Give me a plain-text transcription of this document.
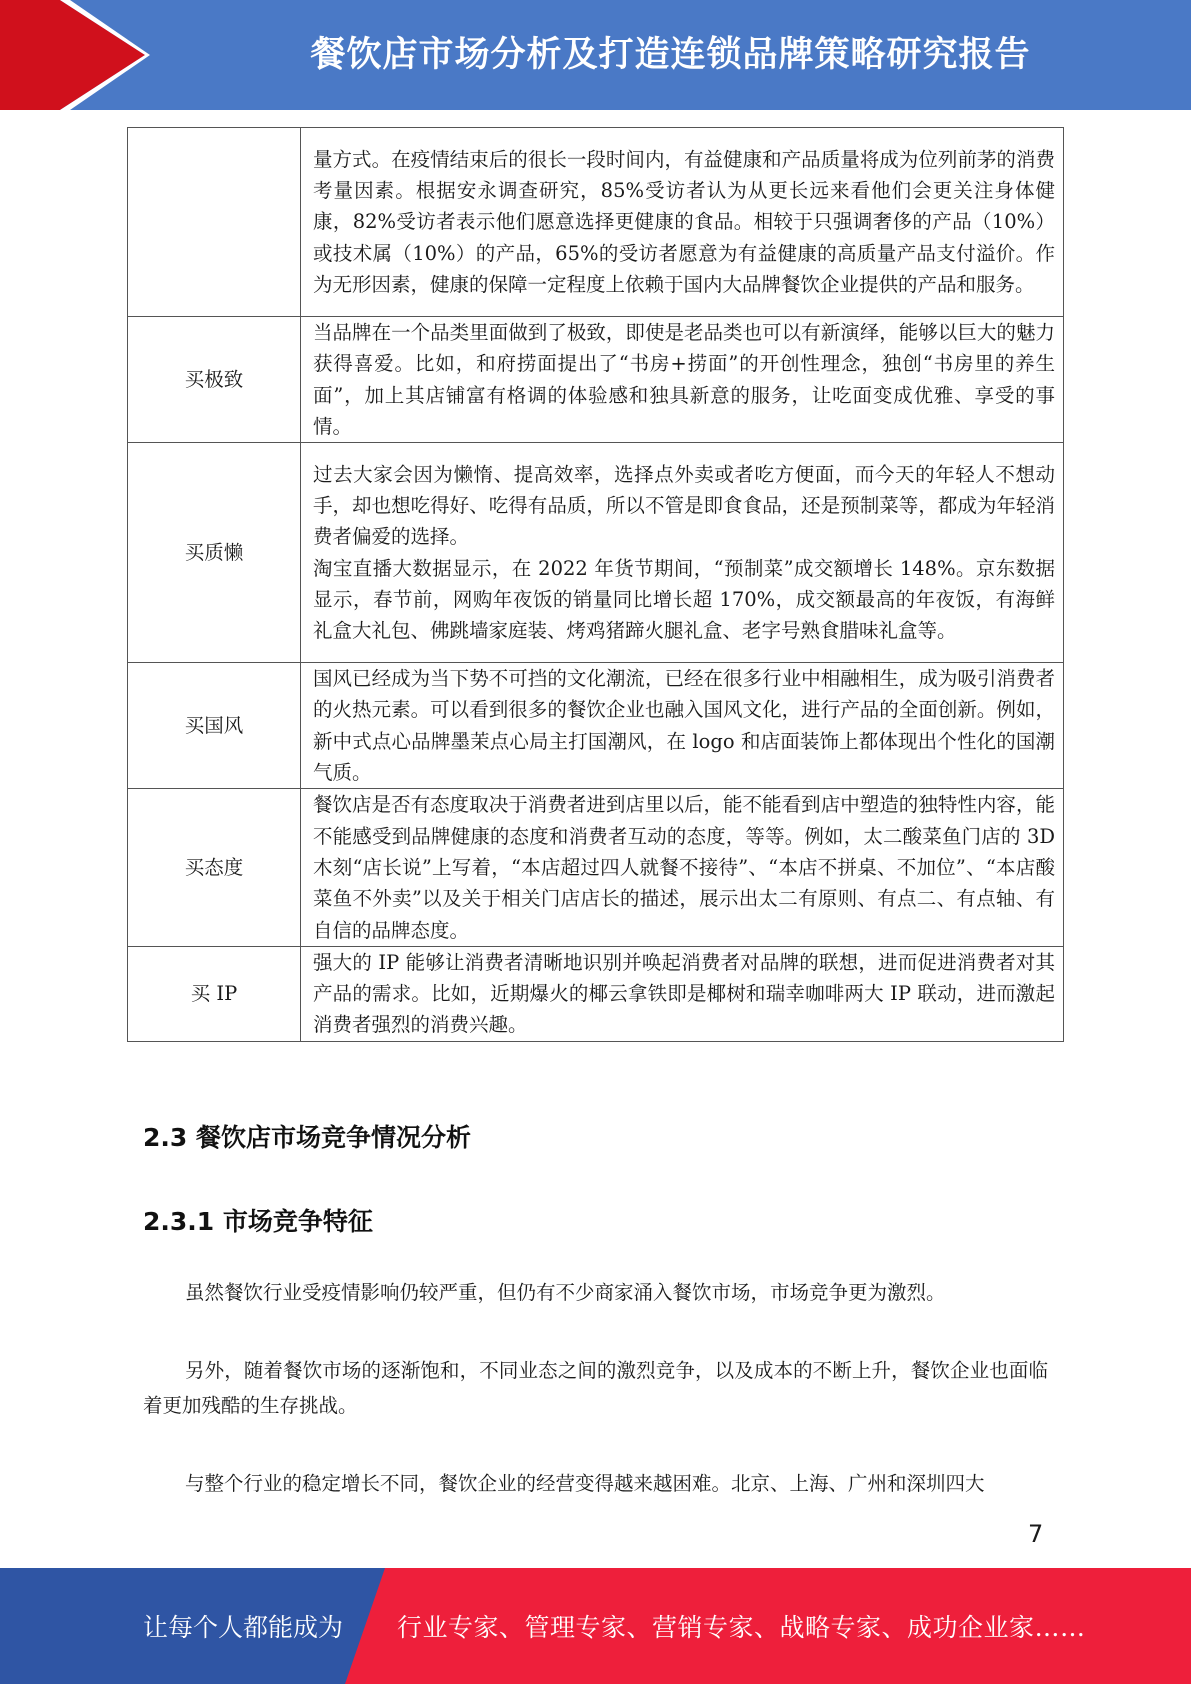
餐饮店市场分析及打造连锁品牌策略研究报告
	量方式。在疫情结束后的很长一段时间内，有益健康和产品质量将成为位列前茅的消费考量因素。根据安永调查研究，85%受访者认为从更长远来看他们会更关注身体健康，82%受访者表示他们愿意选择更健康的食品。相较于只强调奢侈的产品（10%）或技术属（10%）的产品，65%的受访者愿意为有益健康的高质量产品支付溢价。作为无形因素，健康的保障一定程度上依赖于国内大品牌餐饮企业提供的产品和服务。
买极致	当品牌在一个品类里面做到了极致，即使是老品类也可以有新演绎，能够以巨大的魅力获得喜爱。比如，和府捞面提出了“书房+捞面”的开创性理念，独创“书房里的养生面”，加上其店铺富有格调的体验感和独具新意的服务，让吃面变成优雅、享受的事情。
买质懒	过去大家会因为懒惰、提高效率，选择点外卖或者吃方便面，而今天的年轻人不想动手，却也想吃得好、吃得有品质，所以不管是即食食品，还是预制菜等，都成为年轻消费者偏爱的选择。
淘宝直播大数据显示，在 2022 年货节期间，“预制菜”成交额增长 148%。京东数据显示，春节前，网购年夜饭的销量同比增长超 170%，成交额最高的年夜饭，有海鲜礼盒大礼包、佛跳墙家庭装、烤鸡猪蹄火腿礼盒、老字号熟食腊味礼盒等。

买国风	国风已经成为当下势不可挡的文化潮流，已经在很多行业中相融相生，成为吸引消费者的火热元素。可以看到很多的餐饮企业也融入国风文化，进行产品的全面创新。例如，新中式点心品牌墨茉点心局主打国潮风，在 logo 和店面装饰上都体现出个性化的国潮气质。
买态度	餐饮店是否有态度取决于消费者进到店里以后，能不能看到店中塑造的独特性内容，能不能感受到品牌健康的态度和消费者互动的态度，等等。例如，太二酸菜鱼门店的 3D 木刻“店长说”上写着，“本店超过四人就餐不接待”、“本店不拼桌、不加位”、“本店酸菜鱼不外卖”以及关于相关门店店长的描述，展示出太二有原则、有点二、有点轴、有自信的品牌态度。
买 IP	强大的 IP 能够让消费者清晰地识别并唤起消费者对品牌的联想，进而促进消费者对其产品的需求。比如，近期爆火的椰云拿铁即是椰树和瑞幸咖啡两大 IP 联动，进而激起消费者强烈的消费兴趣。
2.3 餐饮店市场竞争情况分析
2.3.1 市场竞争特征
虽然餐饮行业受疫情影响仍较严重，但仍有不少商家涌入餐饮市场，市场竞争更为激烈。
另外，随着餐饮市场的逐渐饱和，不同业态之间的激烈竞争，以及成本的不断上升，餐饮企业也面临着更加残酷的生存挑战。
与整个行业的稳定增长不同，餐饮企业的经营变得越来越困难。北京、上海、广州和深圳四大
7
让每个人都能成为 行业专家、管理专家、营销专家、战略专家、成功企业家……
